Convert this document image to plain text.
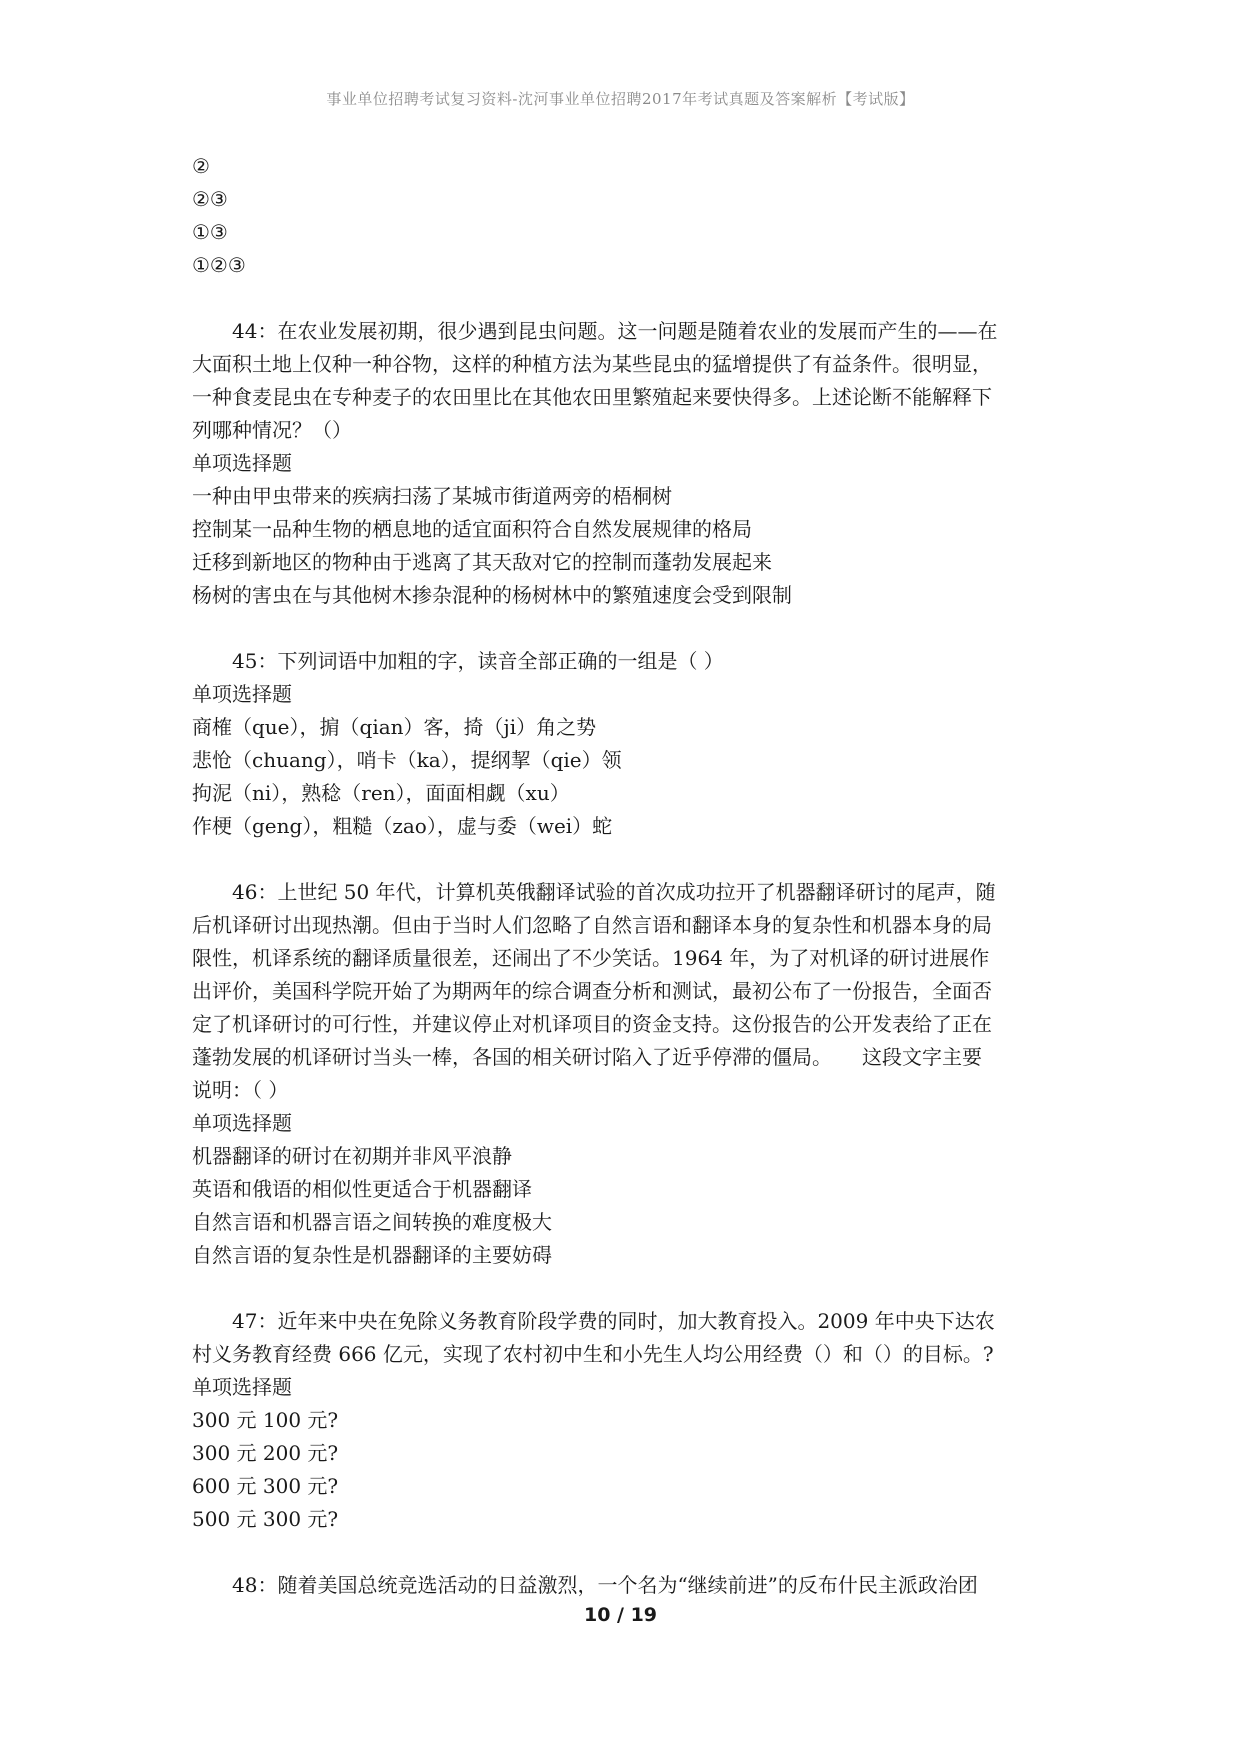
事业单位招聘考试复习资料-沈河事业单位招聘2017年考试真题及答案解析【考试版】
②
②③
①③
①②③
44：在农业发展初期，很少遇到昆虫问题。这一问题是随着农业的发展而产生的——在
大面积土地上仅种一种谷物，这样的种植方法为某些昆虫的猛增提供了有益条件。很明显，
一种食麦昆虫在专种麦子的农田里比在其他农田里繁殖起来要快得多。上述论断不能解释下
列哪种情况？（）
单项选择题
一种由甲虫带来的疾病扫荡了某城市街道两旁的梧桐树
控制某一品种生物的栖息地的适宜面积符合自然发展规律的格局
迁移到新地区的物种由于逃离了其天敌对它的控制而蓬勃发展起来
杨树的害虫在与其他树木掺杂混种的杨树林中的繁殖速度会受到限制
45：下列词语中加粗的字，读音全部正确的一组是（ ）
单项选择题
商榷（que），掮（qian）客，掎（ji）角之势
悲怆（chuang），哨卡（ka），提纲挈（qie）领
拘泥（ni），熟稔（ren），面面相觑（xu）
作梗（geng），粗糙（zao），虚与委（wei）蛇
46：上世纪 50 年代，计算机英俄翻译试验的首次成功拉开了机器翻译研讨的尾声，随
后机译研讨出现热潮。但由于当时人们忽略了自然言语和翻译本身的复杂性和机器本身的局
限性，机译系统的翻译质量很差，还闹出了不少笑话。1964 年，为了对机译的研讨进展作
出评价，美国科学院开始了为期两年的综合调查分析和测试，最初公布了一份报告，全面否
定了机译研讨的可行性，并建议停止对机译项目的资金支持。这份报告的公开发表给了正在
蓬勃发展的机译研讨当头一棒，各国的相关研讨陷入了近乎停滞的僵局。　　这段文字主要
说明：（ ）
单项选择题
机器翻译的研讨在初期并非风平浪静
英语和俄语的相似性更适合于机器翻译
自然言语和机器言语之间转换的难度极大
自然言语的复杂性是机器翻译的主要妨碍
47：近年来中央在免除义务教育阶段学费的同时，加大教育投入。2009 年中央下达农
村义务教育经费 666 亿元，实现了农村初中生和小先生人均公用经费（）和（）的目标。?
单项选择题
300 元 100 元?
300 元 200 元?
600 元 300 元?
500 元 300 元?
48：随着美国总统竞选活动的日益激烈，一个名为“继续前进”的反布什民主派政治团
10 / 19
